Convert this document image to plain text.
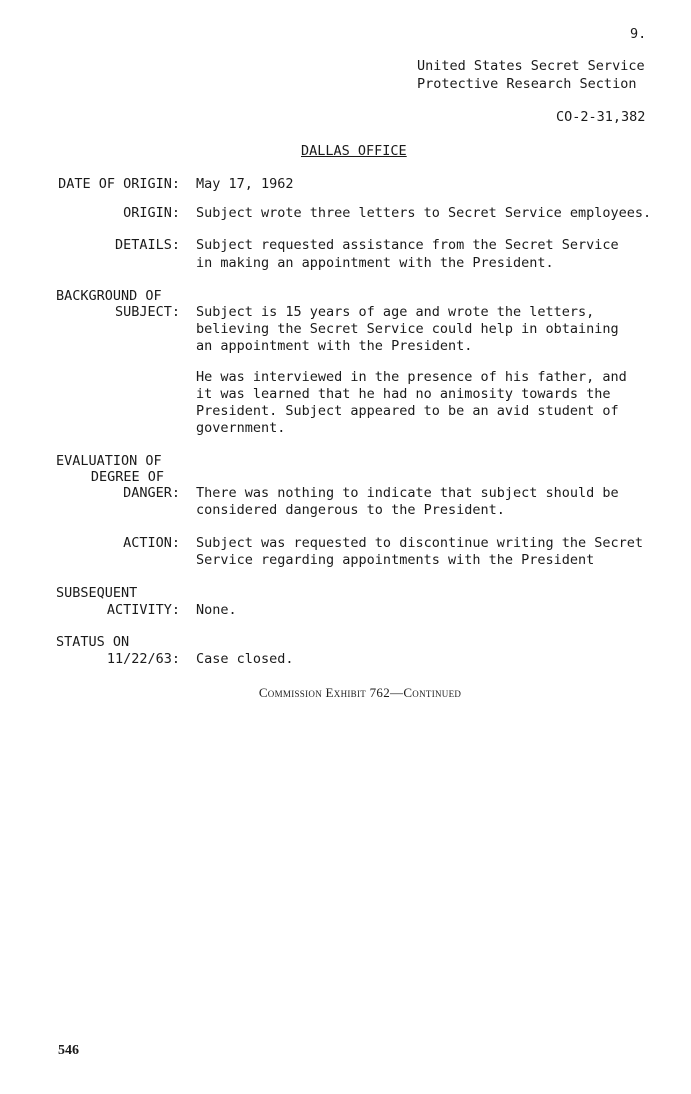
9.
United States Secret Service
Protective Research Section
CO-2-31,382
DALLAS OFFICE
DATE OF ORIGIN: May 17, 1962
ORIGIN: Subject wrote three letters to Secret Service employees.
DETAILS: Subject requested assistance from the Secret Service
in making an appointment with the President.
BACKGROUND OF
SUBJECT: Subject is 15 years of age and wrote the letters, believing the Secret Service could help in obtaining an appointment with the President.
He was interviewed in the presence of his father, and it was learned that he had no animosity towards the President. Subject appeared to be an avid student of government.
EVALUATION OF
DEGREE OF
DANGER: There was nothing to indicate that subject should be considered dangerous to the President.
ACTION: Subject was requested to discontinue writing the Secret Service regarding appointments with the President
SUBSEQUENT
ACTIVITY: None.
STATUS ON
11/22/63: Case closed.
Commission Exhibit 762—Continued
546
